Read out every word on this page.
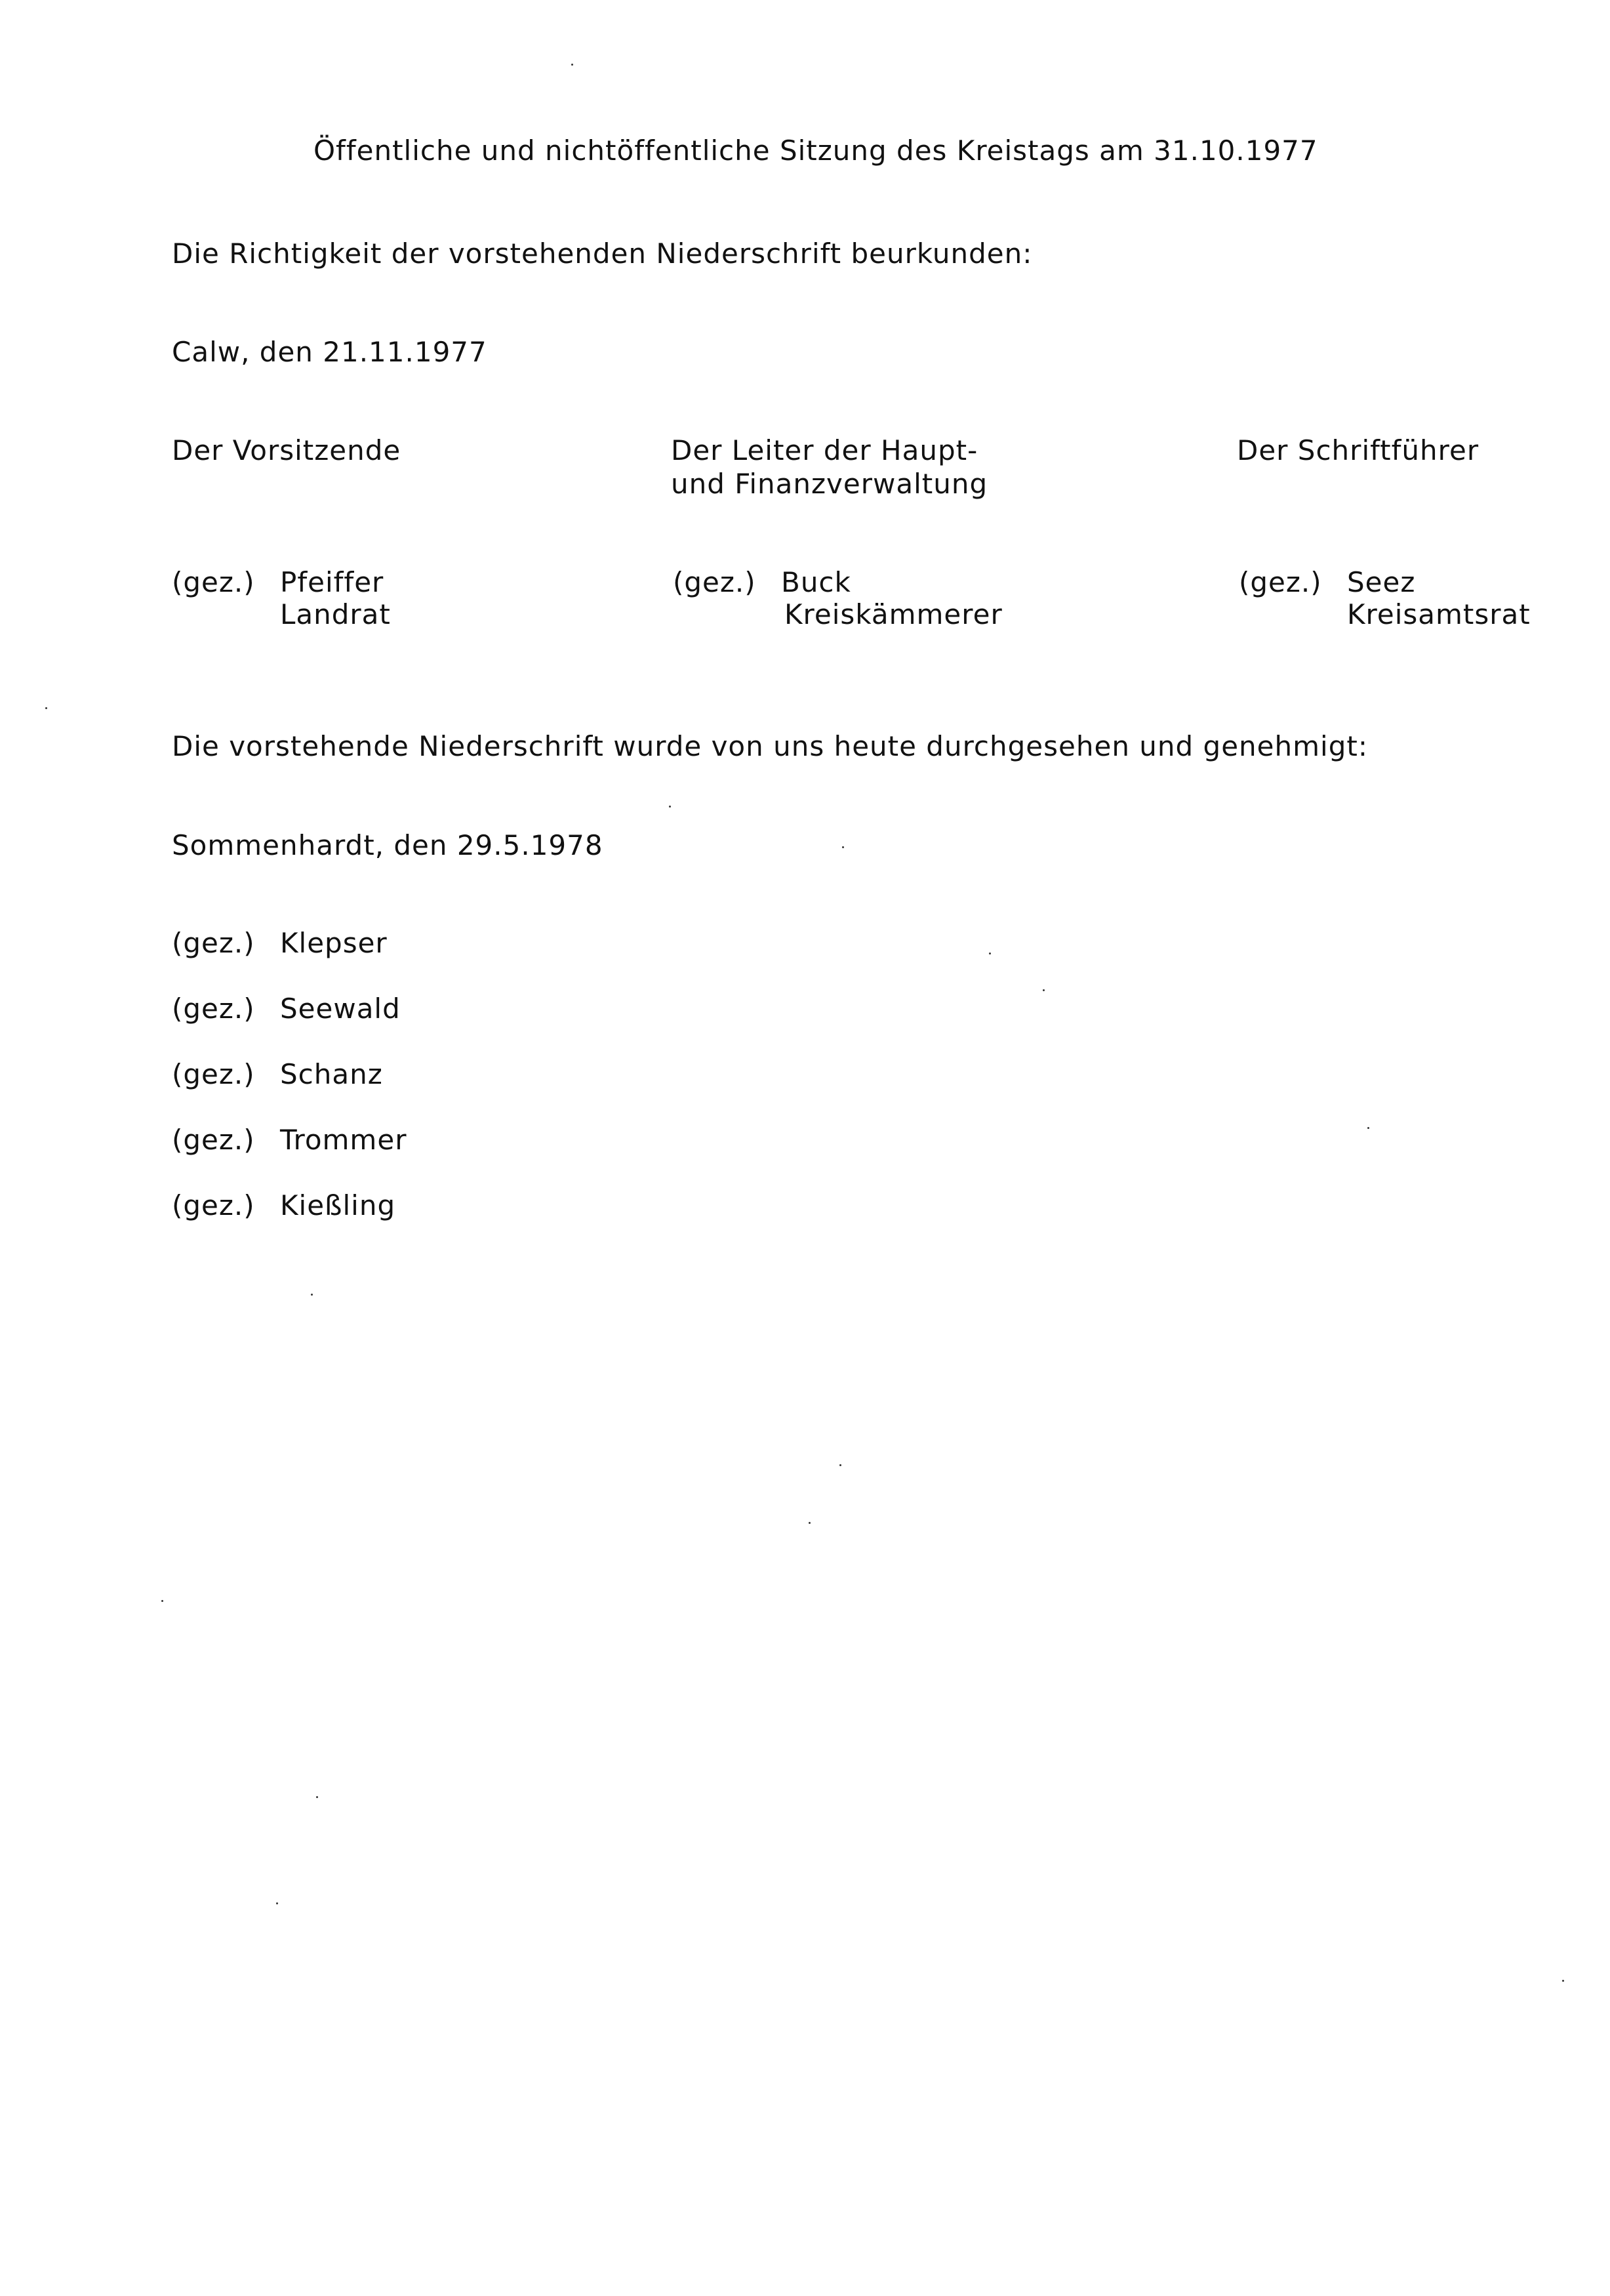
Öffentliche und nichtöffentliche Sitzung des Kreistags am 31.10.1977
Die Richtigkeit der vorstehenden Niederschrift beurkunden:
Calw, den 21.11.1977
Der Vorsitzende	Der Leiter der Haupt-
und Finanzverwaltung
Der Schriftführer
(gez.) Pfeiffer
Landrat
(gez.) Buck
Kreiskämmerer
(gez.) Seez
Kreisamtsrat
Die vorstehende Niederschrift wurde von uns heute durchgesehen und genehmigt:
Sommenhardt, den 29.5.1978
(gez.) Klepser
(gez.) Seewald
(gez.) Schanz
(gez.) Trommer
(gez.) Kießling
